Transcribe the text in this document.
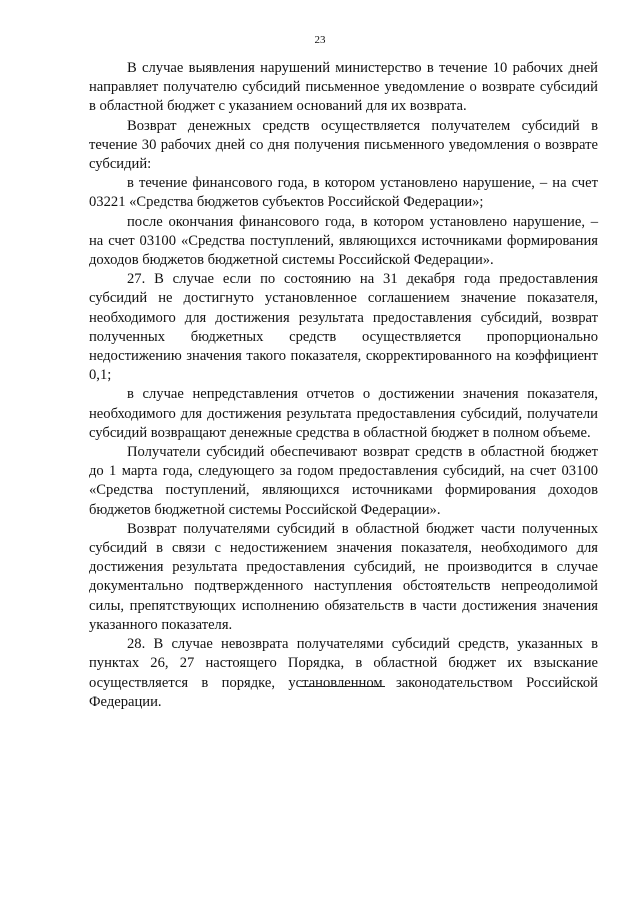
23

В случае выявления нарушений министерство в течение 10 рабочих дней направляет получателю субсидий письменное уведомление о возврате субсидий в областной бюджет с указанием оснований для их возврата.

Возврат денежных средств осуществляется получателем субсидий в течение 30 рабочих дней со дня получения письменного уведомления о возврате субсидий:

в течение финансового года, в котором установлено нарушение, – на счет 03221 «Средства бюджетов субъектов Российской Федерации»;

после окончания финансового года, в котором установлено нарушение, – на счет 03100 «Средства поступлений, являющихся источниками формирования доходов бюджетов бюджетной системы Российской Федерации».

27. В случае если по состоянию на 31 декабря года предоставления субсидий не достигнуто установленное соглашением значение показателя, необходимого для достижения результата предоставления субсидий, возврат полученных бюджетных средств осуществляется пропорционально недостижению значения такого показателя, скорректированного на коэффициент 0,1;

в случае непредставления отчетов о достижении значения показателя, необходимого для достижения результата предоставления субсидий, получатели субсидий возвращают денежные средства в областной бюджет в полном объеме.

Получатели субсидий обеспечивают возврат средств в областной бюджет до 1 марта года, следующего за годом предоставления субсидий, на счет 03100 «Средства поступлений, являющихся источниками формирования доходов бюджетов бюджетной системы Российской Федерации».

Возврат получателями субсидий в областной бюджет части полученных субсидий в связи с недостижением значения показателя, необходимого для достижения результата предоставления субсидий, не производится в случае документально подтвержденного наступления обстоятельств непреодолимой силы, препятствующих исполнению обязательств в части достижения значения указанного показателя.

28. В случае невозврата получателями субсидий средств, указанных в пунктах 26, 27 настоящего Порядка, в областной бюджет их взыскание осуществляется в порядке, установленном законодательством Российской Федерации.
